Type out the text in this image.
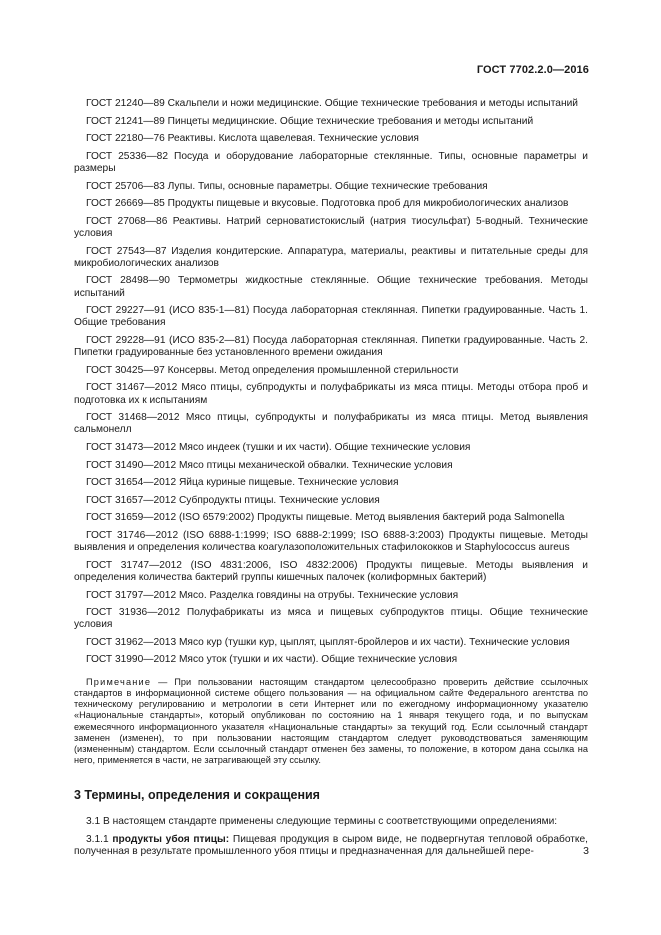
ГОСТ 7702.2.0—2016

ГОСТ 21240—89 Скальпели и ножи медицинские. Общие технические требования и методы испытаний

ГОСТ 21241—89 Пинцеты медицинские. Общие технические требования и методы испытаний

ГОСТ 22180—76 Реактивы. Кислота щавелевая. Технические условия

ГОСТ 25336—82 Посуда и оборудование лабораторные стеклянные. Типы, основные параметры и размеры

ГОСТ 25706—83 Лупы. Типы, основные параметры. Общие технические требования

ГОСТ 26669—85 Продукты пищевые и вкусовые. Подготовка проб для микробиологических анализов

ГОСТ 27068—86 Реактивы. Натрий серноватистокислый (натрия тиосульфат) 5-водный. Технические условия

ГОСТ 27543—87 Изделия кондитерские. Аппаратура, материалы, реактивы и питательные среды для микробиологических анализов

ГОСТ 28498—90 Термометры жидкостные стеклянные. Общие технические требования. Методы испытаний

ГОСТ 29227—91 (ИСО 835-1—81) Посуда лабораторная стеклянная. Пипетки градуированные. Часть 1. Общие требования

ГОСТ 29228—91 (ИСО 835-2—81) Посуда лабораторная стеклянная. Пипетки градуированные. Часть 2. Пипетки градуированные без установленного времени ожидания

ГОСТ 30425—97 Консервы. Метод определения промышленной стерильности

ГОСТ 31467—2012 Мясо птицы, субпродукты и полуфабрикаты из мяса птицы. Методы отбора проб и подготовка их к испытаниям

ГОСТ 31468—2012 Мясо птицы, субпродукты и полуфабрикаты из мяса птицы. Метод выявления сальмонелл

ГОСТ 31473—2012 Мясо индеек (тушки и их части). Общие технические условия

ГОСТ 31490—2012 Мясо птицы механической обвалки. Технические условия

ГОСТ 31654—2012 Яйца куриные пищевые. Технические условия

ГОСТ 31657—2012 Субпродукты птицы. Технические условия

ГОСТ 31659—2012 (ISO 6579:2002) Продукты пищевые. Метод выявления бактерий рода Salmonella

ГОСТ 31746—2012 (ISO 6888-1:1999; ISO 6888-2:1999; ISO 6888-3:2003) Продукты пищевые. Методы выявления и определения количества коагулазоположительных стафилококков и Staphylococcus aureus

ГОСТ 31747—2012 (ISO 4831:2006, ISO 4832:2006) Продукты пищевые. Методы выявления и определения количества бактерий группы кишечных палочек (колиформных бактерий)

ГОСТ 31797—2012 Мясо. Разделка говядины на отрубы. Технические условия

ГОСТ 31936—2012 Полуфабрикаты из мяса и пищевых субпродуктов птицы. Общие технические условия

ГОСТ 31962—2013 Мясо кур (тушки кур, цыплят, цыплят-бройлеров и их части). Технические условия

ГОСТ 31990—2012 Мясо уток (тушки и их части). Общие технические условия

Примечание — При пользовании настоящим стандартом целесообразно проверить действие ссылочных стандартов в информационной системе общего пользования — на официальном сайте Федерального агентства по техническому регулированию и метрологии в сети Интернет или по ежегодному информационному указателю «Национальные стандарты», который опубликован по состоянию на 1 января текущего года, и по выпускам ежемесячного информационного указателя «Национальные стандарты» за текущий год. Если ссылочный стандарт заменен (изменен), то при пользовании настоящим стандартом следует руководствоваться заменяющим (измененным) стандартом. Если ссылочный стандарт отменен без замены, то положение, в котором дана ссылка на него, применяется в части, не затрагивающей эту ссылку.

3 Термины, определения и сокращения

3.1 В настоящем стандарте применены следующие термины с соответствующими определениями:

3.1.1 продукты убоя птицы: Пищевая продукция в сыром виде, не подвергнутая тепловой обработке, полученная в результате промышленного убоя птицы и предназначенная для дальнейшей пере-	3
